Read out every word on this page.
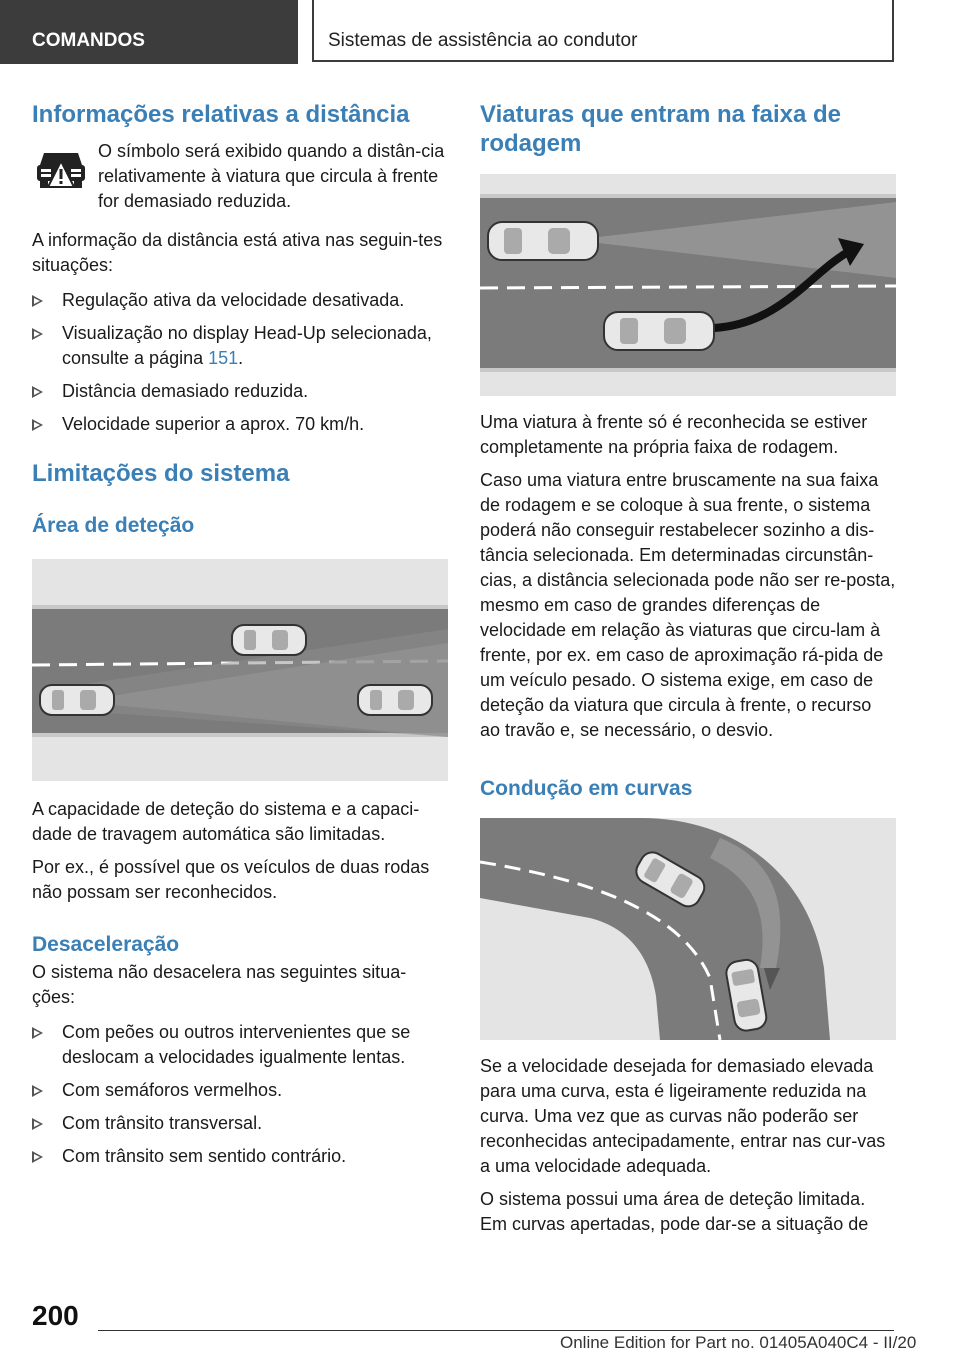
COMANDOS	Sistemas de assistência ao condutor
Informações relativas a distância

O símbolo será exibido quando a distân-cia relativamente à viatura que circula à frente for demasiado reduzida.

A informação da distância está ativa nas seguin-tes situações:

Regulação ativa da velocidade desativada.
Visualização no display Head-Up selecionada, consulte a página 151.
Distância demasiado reduzida.
Velocidade superior a aprox. 70 km/h.
Limitações do sistema
Área de deteção

A capacidade de deteção do sistema e a capaci-dade de travagem automática são limitadas.

Por ex., é possível que os veículos de duas rodas não possam ser reconhecidos.

Desaceleração

O sistema não desacelera nas seguintes situa-ções:

Com peões ou outros intervenientes que se deslocam a velocidades igualmente lentas.
Com semáforos vermelhos.
Com trânsito transversal.
Com trânsito sem sentido contrário.
Viaturas que entram na faixa de rodagem

Uma viatura à frente só é reconhecida se estiver completamente na própria faixa de rodagem.

Caso uma viatura entre bruscamente na sua faixa de rodagem e se coloque à sua frente, o sistema poderá não conseguir restabelecer sozinho a dis-tância selecionada. Em determinadas circunstân-cias, a distância selecionada pode não ser re-posta, mesmo em caso de grandes diferenças de velocidade em relação às viaturas que circu-lam à frente, por ex. em caso de aproximação rá-pida de um veículo pesado. O sistema exige, em caso de deteção da viatura que circula à frente, o recurso ao travão e, se necessário, o desvio.

Condução em curvas

Se a velocidade desejada for demasiado elevada para uma curva, esta é ligeiramente reduzida na curva. Uma vez que as curvas não poderão ser reconhecidas antecipadamente, entrar nas cur-vas a uma velocidade adequada.

O sistema possui uma área de deteção limitada. Em curvas apertadas, pode dar-se a situação de

200
Online Edition for Part no. 01405A040C4 - II/20
